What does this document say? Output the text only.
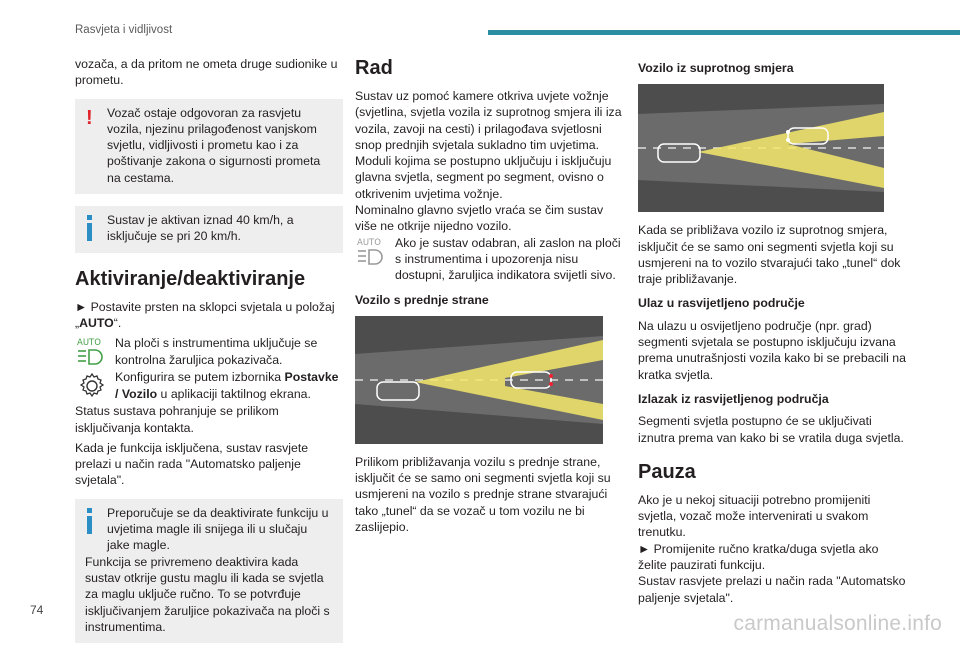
Rasvjeta i vidljivost

vozača, a da pritom ne ometa druge sudionike u prometu.

! Vozač ostaje odgovoran za rasvjetu vozila, njezinu prilagođenost vanjskom svjetlu, vidljivosti i prometu kao i za poštivanje zakona o sigurnosti prometa na cestama.
Sustav je aktivan iznad 40 km/h, a isključuje se pri 20 km/h.
Aktiviranje/deaktiviranje

► Postavite prsten na sklopci svjetala u položaj „AUTO“.

AUTO Na ploči s instrumentima uključuje se kontrolna žaruljica pokazivača.
Konfigurira se putem izbornika Postavke / Vozilo u aplikaciji taktilnog ekrana.

Status sustava pohranjuje se prilikom isključivanja kontakta.

Kada je funkcija isključena, sustav rasvjete prelazi u način rada "Automatsko paljenje svjetala".

Preporučuje se da deaktivirate funkciju u uvjetima magle ili snijega ili u slučaju jake magle.

Funkcija se privremeno deaktivira kada sustav otkrije gustu maglu ili kada se svjetla za maglu uključe ručno. To se potvrđuje isključivanjem žaruljice pokazivača na ploči s instrumentima.
Rad

Sustav uz pomoć kamere otkriva uvjete vožnje (svjetlina, svjetla vozila iz suprotnog smjera ili iza vozila, zavoji na cesti) i prilagođava svjetlosni snop prednjih svjetala sukladno tim uvjetima.

Moduli kojima se postupno uključuju i isključuju glavna svjetla, segment po segment, ovisno o otkrivenim uvjetima vožnje.

Nominalno glavno svjetlo vraća se čim sustav više ne otkrije nijedno vozilo.

AUTO Ako je sustav odabran, ali zaslon na ploči s instrumentima i upozorenja nisu dostupni, žaruljica indikatora svijetli sivo.
Vozilo s prednje strane

Prilikom približavanja vozilu s prednje strane, isključit će se samo oni segmenti svjetla koji su usmjereni na vozilo s prednje strane stvarajući tako „tunel“ da se vozač u tom vozilu ne bi zaslijepio.

Vozilo iz suprotnog smjera

Kada se približava vozilo iz suprotnog smjera, isključit će se samo oni segmenti svjetla koji su usmjereni na to vozilo stvarajući tako „tunel“ dok traje približavanje.

Ulaz u rasvijetljeno područje

Na ulazu u osvijetljeno područje (npr. grad) segmenti svjetala se postupno isključuju izvana prema unutrašnjosti vozila kako bi se prebacili na kratka svjetla.

Izlazak iz rasvijetljenog područja

Segmenti svjetla postupno će se uključivati iznutra prema van kako bi se vratila duga svjetla.

Pauza

Ako je u nekoj situaciji potrebno promijeniti svjetla, vozač može intervenirati u svakom trenutku.

► Promijenite ručno kratka/duga svjetla ako želite pauzirati funkciju.

Sustav rasvjete prelazi u način rada "Automatsko paljenje svjetala".

74
carmanualsonline.info
